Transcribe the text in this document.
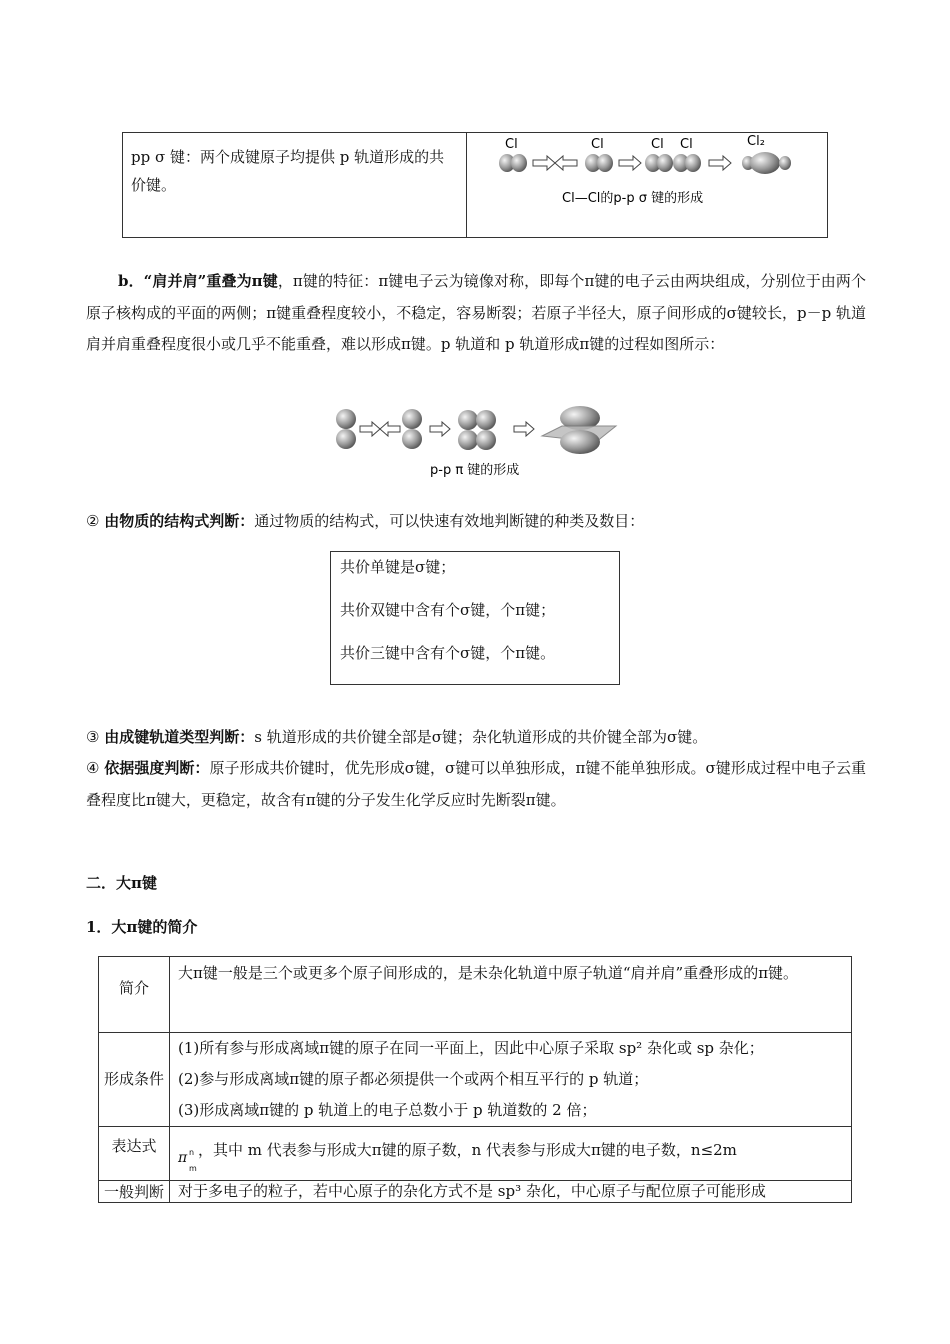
pp σ 键：两个成键原子均提供 p 轨道形成的共价键。	
Cl	Cl	Cl Cl	Cl₂
Cl—Cl的p-p σ 键的形成
b．“肩并肩”重叠为π键，π键的特征：π键电子云为镜像对称，即每个π键的电子云由两块组成，分别位于由两个原子核构成的平面的两侧；π键重叠程度较小，不稳定，容易断裂；若原子半径大，原子间形成的σ键较长，p－p 轨道肩并肩重叠程度很小或几乎不能重叠，难以形成π键。p 轨道和 p 轨道形成π键的过程如图所示：
p-p π 键的形成
② 由物质的结构式判断：通过物质的结构式，可以快速有效地判断键的种类及数目：
共价单键是σ键；
共价双键中含有个σ键，个π键；
共价三键中含有个σ键，个π键。
③ 由成键轨道类型判断：s 轨道形成的共价键全部是σ键；杂化轨道形成的共价键全部为σ键。
④ 依据强度判断：原子形成共价键时，优先形成σ键，σ键可以单独形成，π键不能单独形成。σ键形成过程中电子云重叠程度比π键大，更稳定，故含有π键的分子发生化学反应时先断裂π键。
二．大π键
1．大π键的简介
简介	大π键一般是三个或更多个原子间形成的，是未杂化轨道中原子轨道“肩并肩”重叠形成的π键。
形成条件	(1)所有参与形成离域π键的原子在同一平面上，因此中心原子采取 sp² 杂化或 sp 杂化；
(2)参与形成离域π键的原子都必须提供一个或两个相互平行的 p 轨道；
(3)形成离域π键的 p 轨道上的电子总数小于 p 轨道数的 2 倍；

表达式	π n
m
，其中 m 代表参与形成大π键的原子数，n 代表参与形成大π键的电子数，n≤2m
一般判断	对于多电子的粒子，若中心原子的杂化方式不是 sp³ 杂化，中心原子与配位原子可能形成
